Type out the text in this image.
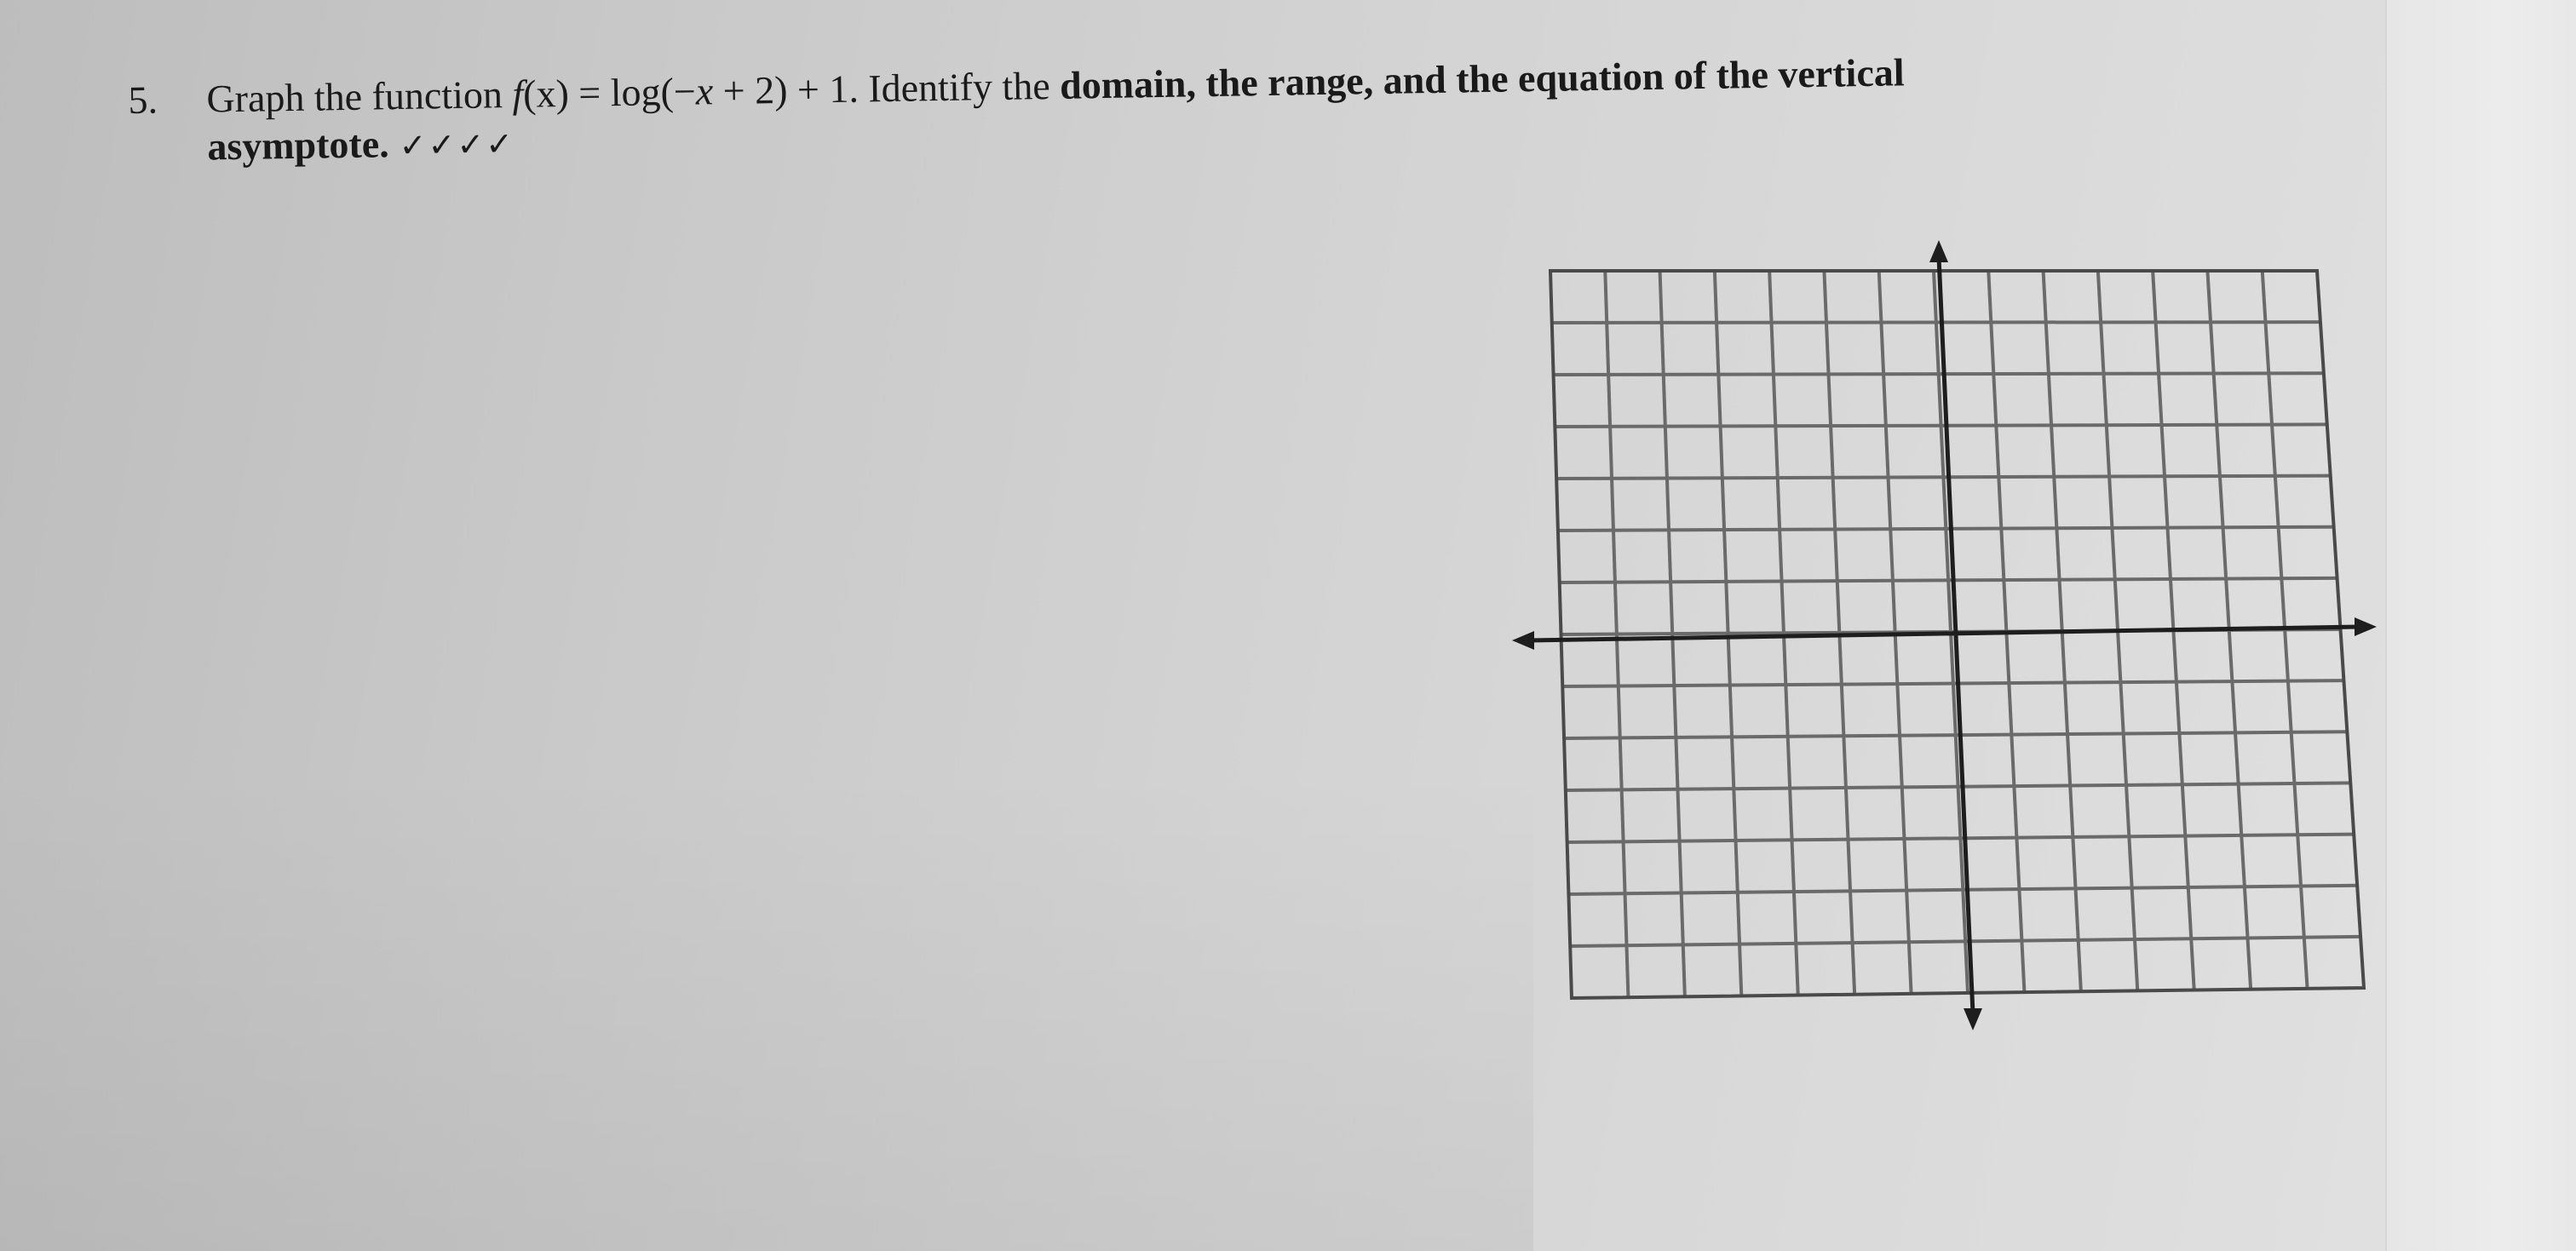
5. Graph the function f(x) = log(−x + 2) + 1. Identify the domain, the range, and the equation of the vertical
asymptote. ✓✓✓✓
